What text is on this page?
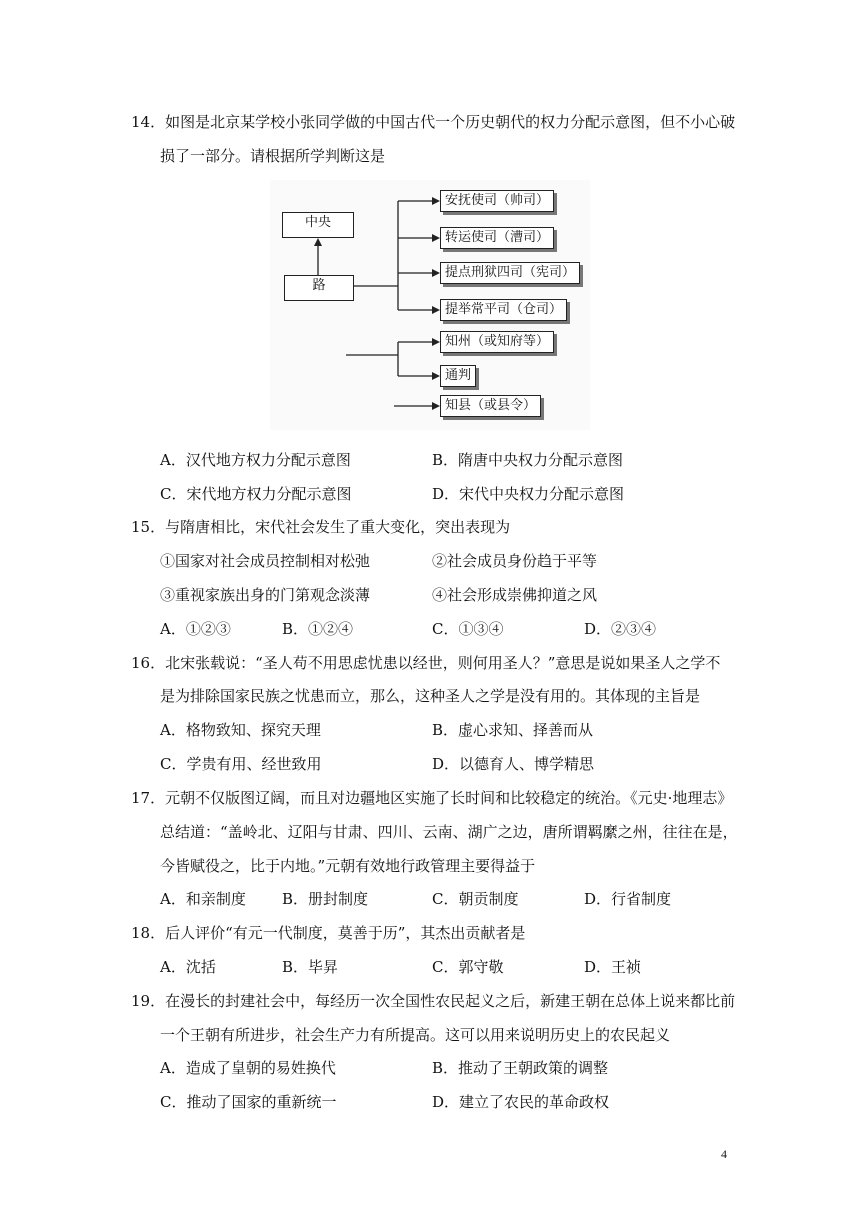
14．如图是北京某学校小张同学做的中国古代一个历史朝代的权力分配示意图，但不小心破
损了一部分。请根据所学判断这是
中央
路
安抚使司（帅司）
转运使司（漕司）
提点刑狱四司（宪司）
提举常平司（仓司）
知州（或知府等）
通判
知县（或县令）
A．汉代地方权力分配示意图	B．隋唐中央权力分配示意图
C．宋代地方权力分配示意图	D．宋代中央权力分配示意图
15．与隋唐相比，宋代社会发生了重大变化，突出表现为
①国家对社会成员控制相对松弛	②社会成员身份趋于平等
③重视家族出身的门第观念淡薄	④社会形成崇佛抑道之风
A．①②③	B．①②④	C．①③④	D．②③④
16．北宋张载说：“圣人苟不用思虑忧患以经世，则何用圣人？”意思是说如果圣人之学不
是为排除国家民族之忧患而立，那么，这种圣人之学是没有用的。其体现的主旨是
A．格物致知、探究天理	B．虚心求知、择善而从
C．学贵有用、经世致用	D．以德育人、博学精思
17．元朝不仅版图辽阔，而且对边疆地区实施了长时间和比较稳定的统治。《元史·地理志》
总结道：“盖岭北、辽阳与甘肃、四川、云南、湖广之边，唐所谓羁縻之州，往往在是，
今皆赋役之，比于内地。”元朝有效地行政管理主要得益于
A．和亲制度 B．册封制度	C．朝贡制度	D．行省制度
18．后人评价“有元一代制度，莫善于历”，其杰出贡献者是
A．沈括	B．毕昇	C．郭守敬	D．王祯
19．在漫长的封建社会中，每经历一次全国性农民起义之后，新建王朝在总体上说来都比前
一个王朝有所进步，社会生产力有所提高。这可以用来说明历史上的农民起义
A．造成了皇朝的易姓换代	B．推动了王朝政策的调整
C．推动了国家的重新统一	D．建立了农民的革命政权
4
